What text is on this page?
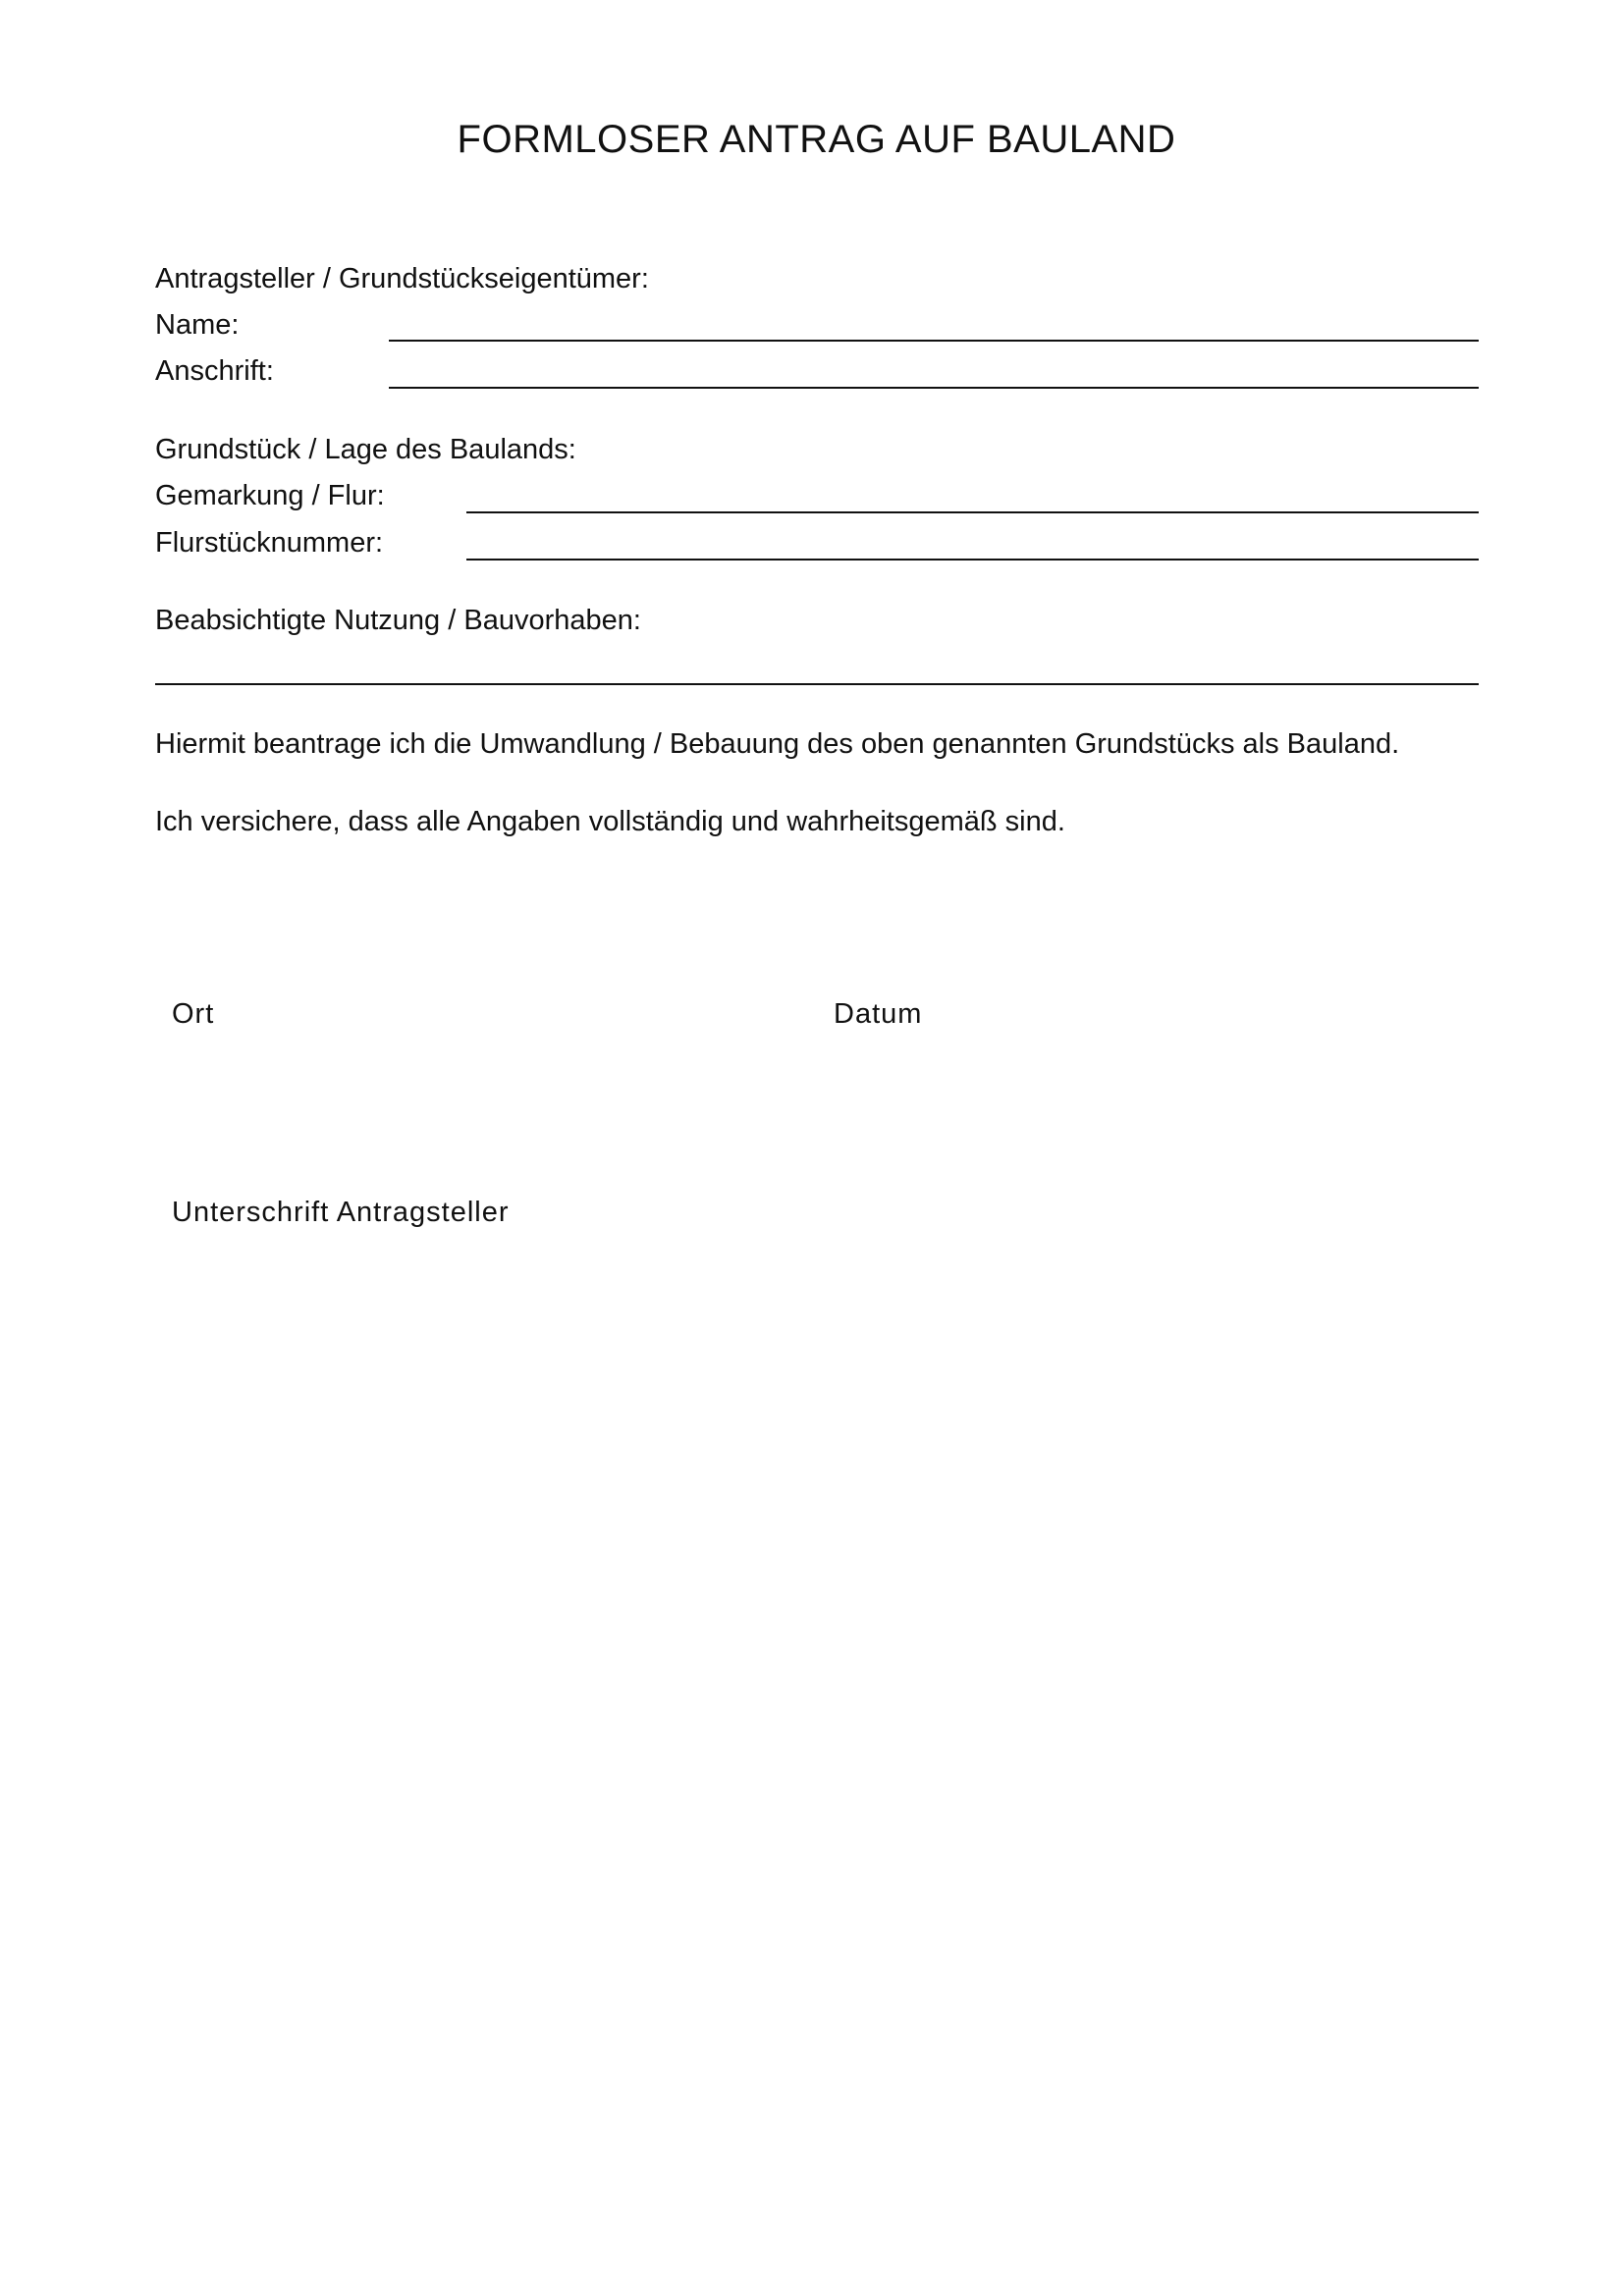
FORMLOSER ANTRAG AUF BAULAND
Antragsteller / Grundstückseigentümer:
Name:
Anschrift:
Grundstück / Lage des Baulands:
Gemarkung / Flur:
Flurstücknummer:
Beabsichtigte Nutzung / Bauvorhaben:
Hiermit beantrage ich die Umwandlung / Bebauung des oben genannten Grundstücks als Bauland.
Ich versichere, dass alle Angaben vollständig und wahrheitsgemäß sind.
Ort	Datum
Unterschrift Antragsteller
